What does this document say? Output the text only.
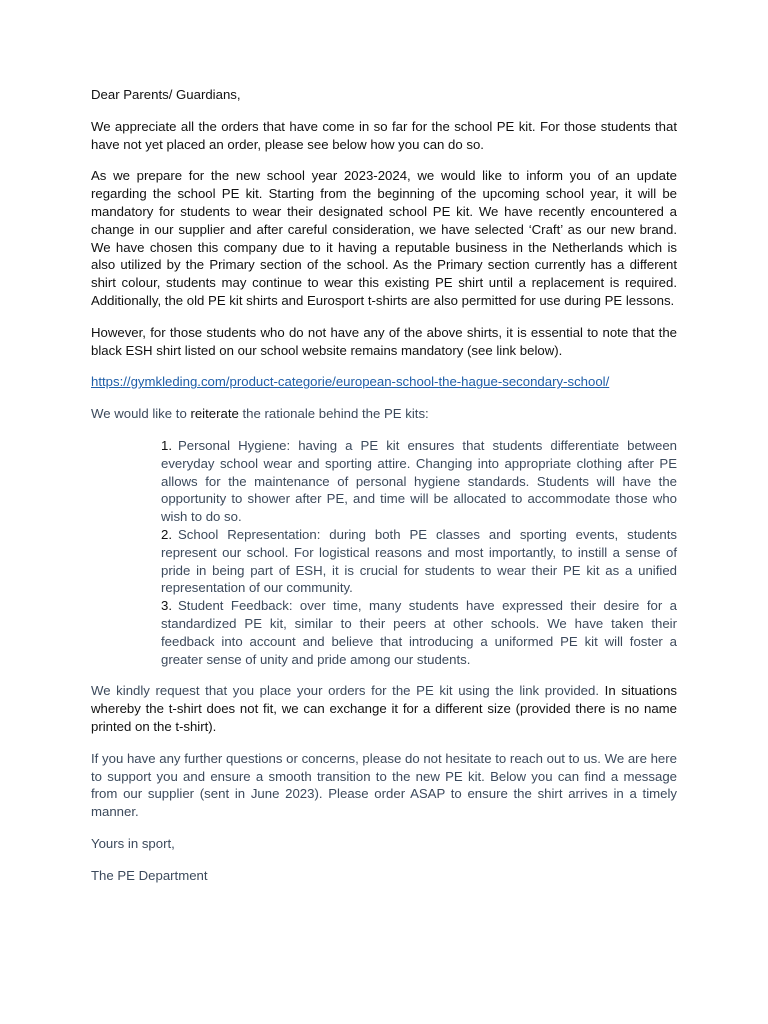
Dear Parents/ Guardians,

We appreciate all the orders that have come in so far for the school PE kit. For those students that have not yet placed an order, please see below how you can do so.

As we prepare for the new school year 2023-2024, we would like to inform you of an update regarding the school PE kit. Starting from the beginning of the upcoming school year, it will be mandatory for students to wear their designated school PE kit. We have recently encountered a change in our supplier and after careful consideration, we have selected ‘Craft’ as our new brand. We have chosen this company due to it having a reputable business in the Netherlands which is also utilized by the Primary section of the school. As the Primary section currently has a different shirt colour, students may continue to wear this existing PE shirt until a replacement is required. Additionally, the old PE kit shirts and Eurosport t-shirts are also permitted for use during PE lessons.

However, for those students who do not have any of the above shirts, it is essential to note that the black ESH shirt listed on our school website remains mandatory (see link below).

https://gymkleding.com/product-categorie/european-school-the-hague-secondary-school/

We would like to reiterate the rationale behind the PE kits:

1. Personal Hygiene: having a PE kit ensures that students differentiate between everyday school wear and sporting attire. Changing into appropriate clothing after PE allows for the maintenance of personal hygiene standards. Students will have the opportunity to shower after PE, and time will be allocated to accommodate those who wish to do so.

2. School Representation: during both PE classes and sporting events, students represent our school. For logistical reasons and most importantly, to instill a sense of pride in being part of ESH, it is crucial for students to wear their PE kit as a unified representation of our community.

3. Student Feedback: over time, many students have expressed their desire for a standardized PE kit, similar to their peers at other schools. We have taken their feedback into account and believe that introducing a uniformed PE kit will foster a greater sense of unity and pride among our students.

We kindly request that you place your orders for the PE kit using the link provided. In situations whereby the t-shirt does not fit, we can exchange it for a different size (provided there is no name printed on the t-shirt).

If you have any further questions or concerns, please do not hesitate to reach out to us. We are here to support you and ensure a smooth transition to the new PE kit. Below you can find a message from our supplier (sent in June 2023). Please order ASAP to ensure the shirt arrives in a timely manner.

Yours in sport,

The PE Department
